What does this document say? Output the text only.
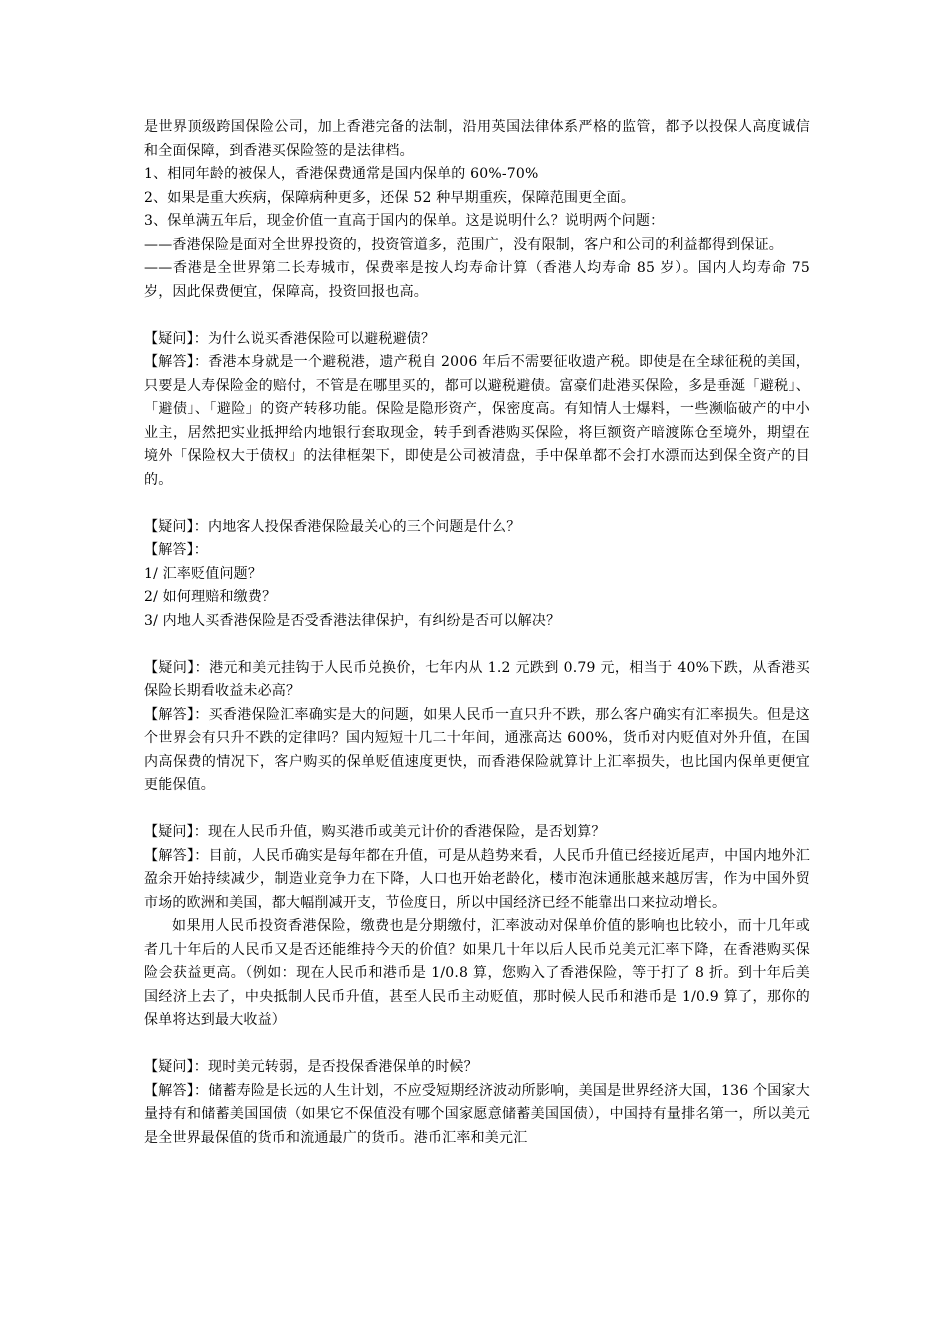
是世界顶级跨国保险公司，加上香港完备的法制，沿用英国法律体系严格的监管，都予以投保人高度诚信和全面保障，到香港买保险签的是法律档。

1、相同年龄的被保人，香港保费通常是国内保单的 60%-70%

2、如果是重大疾病，保障病种更多，还保 52 种早期重疾，保障范围更全面。

3、保单满五年后，现金价值一直高于国内的保单。这是说明什么？说明两个问题：

——香港保险是面对全世界投资的，投资管道多，范围广，没有限制，客户和公司的利益都得到保证。

——香港是全世界第二长寿城市，保费率是按人均寿命计算（香港人均寿命 85 岁）。国内人均寿命 75 岁，因此保费便宜，保障高，投资回报也高。

【疑问】：为什么说买香港保险可以避税避债？

【解答】：香港本身就是一个避税港，遗产税自 2006 年后不需要征收遗产税。即使是在全球征税的美国，只要是人寿保险金的赔付，不管是在哪里买的，都可以避税避债。富豪们赴港买保险，多是垂涎「避税」、「避债」、「避险」的资产转移功能。保险是隐形资产，保密度高。有知情人士爆料，一些濒临破产的中小业主，居然把实业抵押给内地银行套取现金，转手到香港购买保险，将巨额资产暗渡陈仓至境外，期望在境外「保险权大于债权」的法律框架下，即使是公司被清盘，手中保单都不会打水漂而达到保全资产的目的。

【疑问】：内地客人投保香港保险最关心的三个问题是什么？

【解答】：

1/ 汇率贬值问题？

2/ 如何理赔和缴费？

3/ 内地人买香港保险是否受香港法律保护，有纠纷是否可以解决？

【疑问】：港元和美元挂钩于人民币兑换价，七年内从 1.2 元跌到 0.79 元，相当于 40%下跌，从香港买保险长期看收益未必高？

【解答】：买香港保险汇率确实是大的问题，如果人民币一直只升不跌，那么客户确实有汇率损失。但是这个世界会有只升不跌的定律吗？国内短短十几二十年间，通涨高达 600%，货币对内贬值对外升值，在国内高保费的情况下，客户购买的保单贬值速度更快，而香港保险就算计上汇率损失，也比国内保单更便宜更能保值。

【疑问】：现在人民币升值，购买港币或美元计价的香港保险，是否划算？

【解答】：目前，人民币确实是每年都在升值，可是从趋势来看，人民币升值已经接近尾声，中国内地外汇盈余开始持续减少，制造业竞争力在下降，人口也开始老龄化，楼市泡沫通胀越来越厉害，作为中国外贸市场的欧洲和美国，都大幅削减开支，节俭度日，所以中国经济已经不能靠出口来拉动增长。

如果用人民币投资香港保险，缴费也是分期缴付，汇率波动对保单价值的影响也比较小，而十几年或者几十年后的人民币又是否还能维持今天的价值？如果几十年以后人民币兑美元汇率下降，在香港购买保险会获益更高。（例如：现在人民币和港币是 1/0.8 算，您购入了香港保险，等于打了 8 折。到十年后美国经济上去了，中央抵制人民币升值，甚至人民币主动贬值，那时候人民币和港币是 1/0.9 算了，那你的保单将达到最大收益）

【疑问】：现时美元转弱，是否投保香港保单的时候？

【解答】：储蓄寿险是长远的人生计划，不应受短期经济波动所影响，美国是世界经济大国，136 个国家大量持有和储蓄美国国债（如果它不保值没有哪个国家愿意储蓄美国国债），中国持有量排名第一，所以美元是全世界最保值的货币和流通最广的货币。港币汇率和美元汇
